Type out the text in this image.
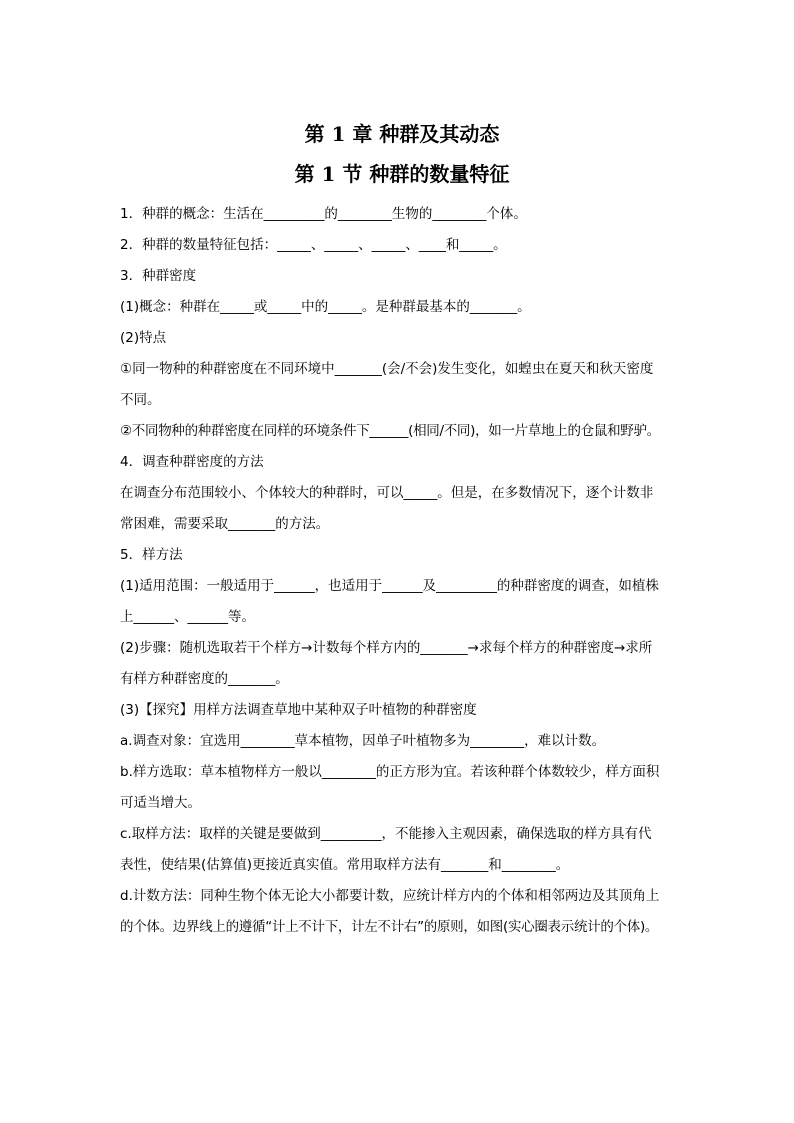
第 1 章 种群及其动态
第 1 节 种群的数量特征

1．种群的概念：生活在_________的________生物的________个体。

2．种群的数量特征包括：_____、_____、_____、____和_____。

3．种群密度

(1)概念：种群在_____或_____中的_____。是种群最基本的_______。

(2)特点

①同一物种的种群密度在不同环境中_______(会/不会)发生变化，如蝗虫在夏天和秋天密度

不同。

②不同物种的种群密度在同样的环境条件下______(相同/不同)，如一片草地上的仓鼠和野驴。

4．调查种群密度的方法

在调查分布范围较小、个体较大的种群时，可以_____。但是，在多数情况下，逐个计数非

常困难，需要采取_______的方法。

5．样方法

(1)适用范围：一般适用于______，也适用于______及_________的种群密度的调查，如植株

上______、______等。

(2)步骤：随机选取若干个样方→计数每个样方内的_______→求每个样方的种群密度→求所

有样方种群密度的_______。

(3)【探究】用样方法调查草地中某种双子叶植物的种群密度

a.调查对象：宜选用________草本植物，因单子叶植物多为________，难以计数。

b.样方选取：草本植物样方一般以________的正方形为宜。若该种群个体数较少，样方面积

可适当增大。

c.取样方法：取样的关键是要做到_________，不能掺入主观因素，确保选取的样方具有代

表性，使结果(估算值)更接近真实值。常用取样方法有_______和________。

d.计数方法：同种生物个体无论大小都要计数，应统计样方内的个体和相邻两边及其顶角上

的个体。边界线上的遵循“计上不计下，计左不计右”的原则，如图(实心圈表示统计的个体)。
